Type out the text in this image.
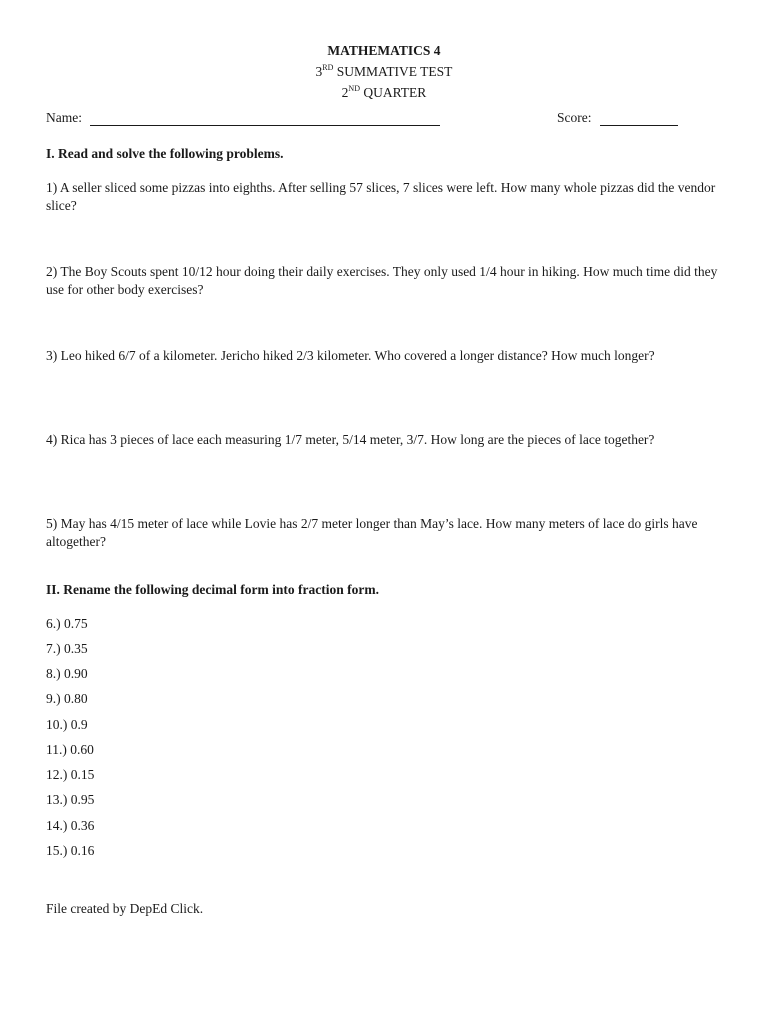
MATHEMATICS 4
3RD SUMMATIVE TEST
2ND QUARTER
Name:	Score:
I. Read and solve the following problems.
1) A seller sliced some pizzas into eighths. After selling 57 slices, 7 slices were left. How many whole pizzas did the vendor slice?
2) The Boy Scouts spent 10/12 hour doing their daily exercises. They only used 1/4 hour in hiking. How much time did they use for other body exercises?
3) Leo hiked 6/7 of a kilometer. Jericho hiked 2/3 kilometer. Who covered a longer distance? How much longer?
4) Rica has 3 pieces of lace each measuring 1/7 meter, 5/14 meter, 3/7. How long are the pieces of lace together?
5) May has 4/15 meter of lace while Lovie has 2/7 meter longer than May’s lace. How many meters of lace do girls have altogether?
II. Rename the following decimal form into fraction form.
6.) 0.75
7.) 0.35
8.) 0.90
9.) 0.80
10.) 0.9
11.) 0.60
12.) 0.15
13.) 0.95
14.) 0.36
15.) 0.16
File created by DepEd Click.
